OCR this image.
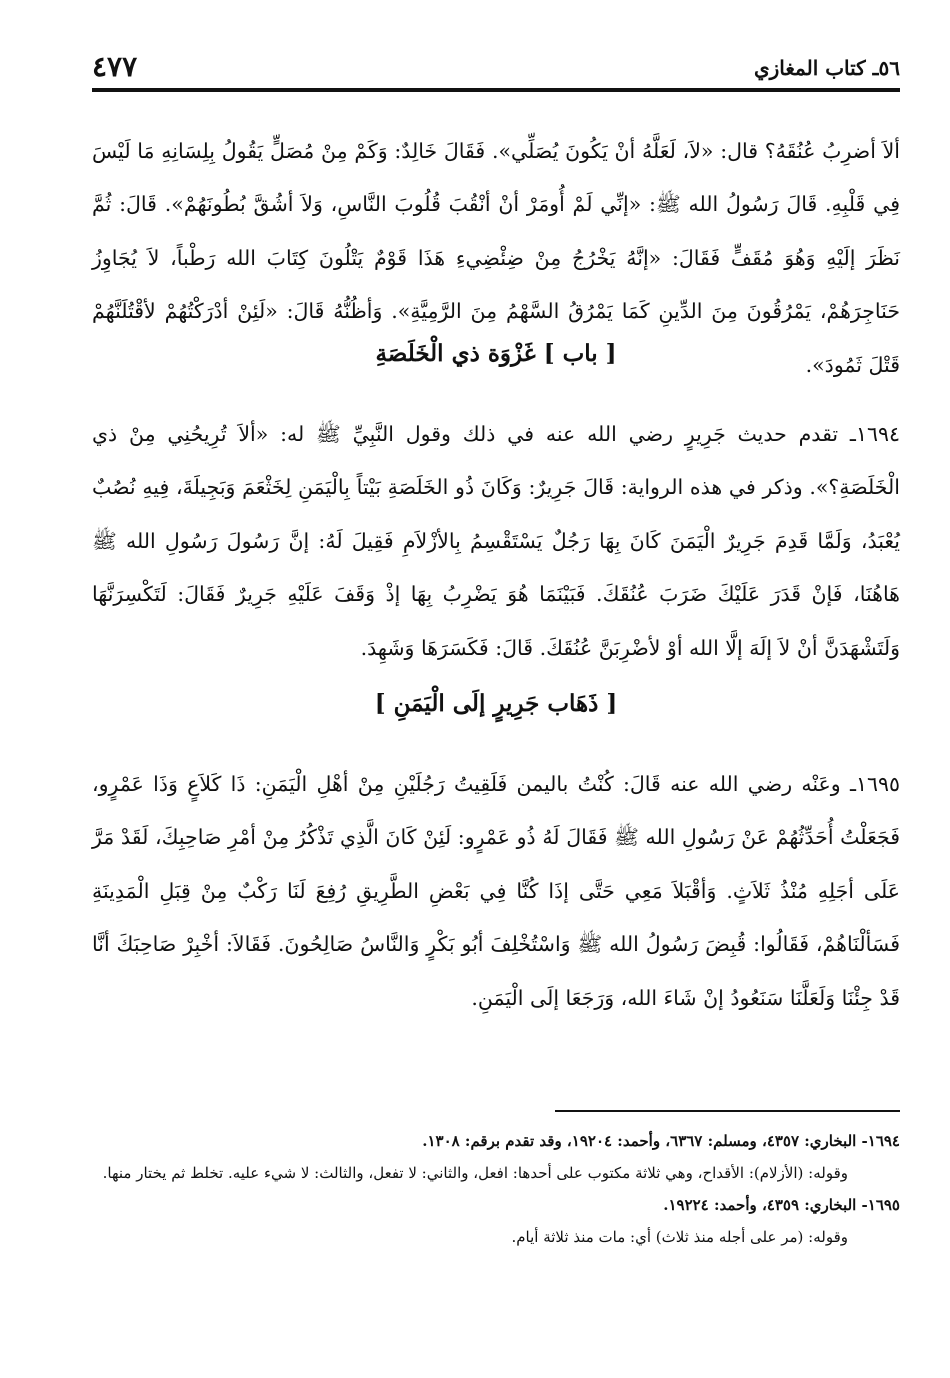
٥٦ـ كتاب المغازي
٤٧٧

ألاَ أضرِبُ عُنُقَهُ؟ قال: «لاَ، لَعَلَّهُ أنْ يَكُونَ يُصَلِّي». فَقَالَ خَالِدٌ: وَكَمْ مِنْ مُصَلٍّ يَقُولُ بِلِسَانِهِ مَا لَيْسَ فِي قَلْبِهِ. قَالَ رَسُولُ الله ﷺ: «إنِّي لَمْ أُومَرْ أنْ أنْقُبَ قُلُوبَ النَّاسِ، وَلاَ أشُقَّ بُطُونَهُمْ». قَالَ: ثُمَّ نَظَرَ إلَيْهِ وَهُوَ مُقَفٍّ فَقَالَ: «إنَّهُ يَخْرُجُ مِنْ ضِئْضِيءِ هَذَا قَوْمٌ يَتْلُونَ كِتَابَ الله رَطْباً، لاَ يُجَاوِزُ حَنَاجِرَهُمْ، يَمْرُقُونَ مِنَ الدِّينِ كَمَا يَمْرُقُ السَّهْمُ مِنَ الرَّمِيَّةِ». وَأظُنُّهُ قَالَ: «لَئِنْ أدْرَكْتُهُمْ لأقْتُلَنَّهُمْ قَتْلَ ثَمُودَ».

[ باب ] غَزْوَة ذي الْخَلَصَةِ

١٦٩٤ـ تقدم حديث جَرِيرٍ رضي الله عنه في ذلك وقول النَّبِيِّ ﷺ له: «ألاَ تُرِيحُنِي مِنْ ذي الْخَلَصَةِ؟». وذكر في هذه الرواية: قَالَ جَرِيرٌ: وَكَانَ ذُو الخَلَصَةِ بَيْتاً بِالْيَمَنِ لِخَثْعَمَ وَبَجِيلَةَ، فِيهِ نُصُبٌ يُعْبَدُ، وَلَمَّا قَدِمَ جَرِيرٌ الْيَمَنَ كَانَ بِهَا رَجُلٌ يَسْتَقْسِمُ بِالأزْلاَمِ فَقِيلَ لَهُ: إنَّ رَسُولَ رَسُولِ الله ﷺ هَاهُنَا، فَإنْ قَدَرَ عَلَيْكَ ضَرَبَ عُنُقَكَ. فَبَيْنَمَا هُوَ يَضْرِبُ بِهَا إذْ وَقَفَ عَلَيْهِ جَرِيرٌ فَقَالَ: لَتَكْسِرَنَّهَا وَلَتَشْهَدَنَّ أنْ لاَ إلَهَ إلَّا الله أوْ لأضْرِبَنَّ عُنُقَكَ. قَالَ: فَكَسَرَهَا وَشَهِدَ.

[ ذَهَاب جَرِيرٍ إلَى الْيَمَنِ ]

١٦٩٥ـ وعَنْه رضي الله عنه قَالَ: كُنْتُ باليمن فَلَقِيتُ رَجُلَيْنِ مِنْ أهْلِ الْيَمَنِ: ذَا كَلاَعٍ وَذَا عَمْرٍو، فَجَعَلْتُ أُحَدِّثُهُمْ عَنْ رَسُولِ الله ﷺ فَقَالَ لَهُ ذُو عَمْرٍو: لَئِنْ كَانَ الَّذِي تَذْكُرُ مِنْ أمْرِ صَاحِبِكَ، لَقَدْ مَرَّ عَلَى أجَلِهِ مُنْذُ ثَلاَثٍ. وَأقْبَلاَ مَعِي حَتَّى إذَا كُنَّا فِي بَعْضِ الطَّرِيقِ رُفِعَ لَنَا رَكْبٌ مِنْ قِبَلِ الْمَدِينَةِ فَسَألْنَاهُمْ، فَقَالُوا: قُبِضَ رَسُولُ الله ﷺ وَاسْتُخْلِفَ أبُو بَكْرٍ وَالنَّاسُ صَالِحُونَ. فَقَالاَ: أخْبِرْ صَاحِبَكَ أنَّا قَدْ جِئْنَا وَلَعَلَّنَا سَنَعُودُ إنْ شَاءَ الله، وَرَجَعَا إلَى الْيَمَنِ.

١٦٩٤- البخاري: ٤٣٥٧، ومسلم: ٦٣٦٧، وأحمد: ١٩٢٠٤، وقد تقدم برقم: ١٣٠٨.

وقوله: (الأزلام): الأقداح، وهي ثلاثة مكتوب على أحدها: افعل، والثاني: لا تفعل، والثالث: لا شيء عليه. تخلط ثم يختار منها.

١٦٩٥- البخاري: ٤٣٥٩، وأحمد: ١٩٢٢٤.

وقوله: (مر على أجله منذ ثلاث) أي: مات منذ ثلاثة أيام.
